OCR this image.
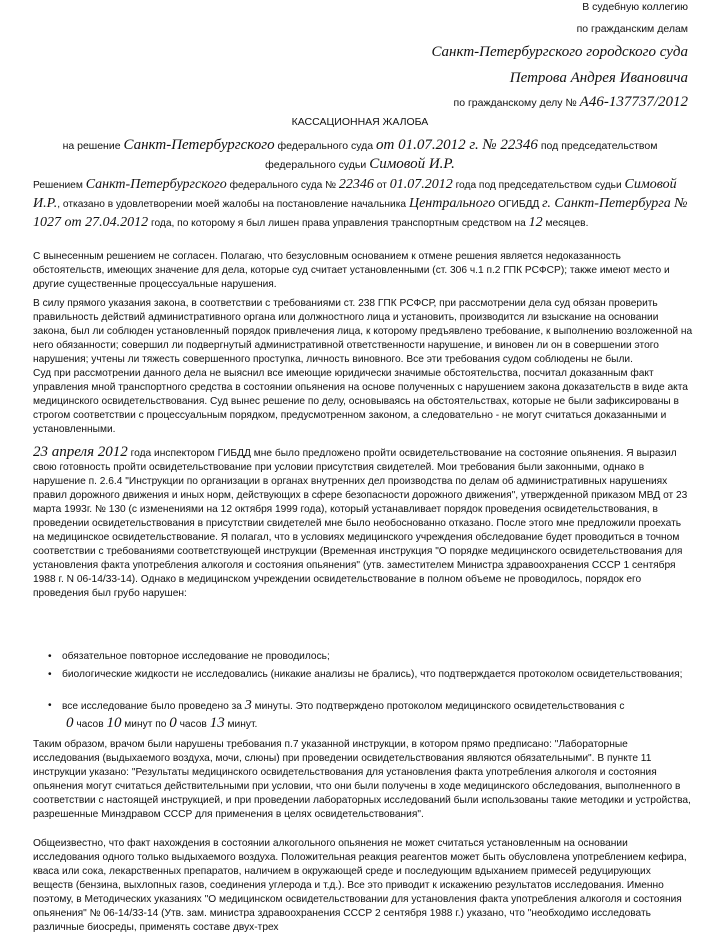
В судебную коллегию
по гражданским делам
Санкт-Петербургского городского суда
Петрова Андрея Ивановича
по гражданскому делу № А46-137737/2012
КАССАЦИОННАЯ ЖАЛОБА
на решение Санкт-Петербургского федерального суда от 01.07.2012 г. № 22346 под председательством
федерального судьи Симовой И.Р.
Решением Санкт-Петербургского федерального суда № 22346 от 01.07.2012 года под председательством судьи Симовой И.Р., отказано в удовлетворении моей жалобы на постановление начальника Центрального ОГИБДД г. Санкт-Петербурга № 1027 от 27.04.2012 года, по которому я был лишен права управления транспортным средством на 12 месяцев.
С вынесенным решением не согласен. Полагаю, что безусловным основанием к отмене решения является недоказанность обстоятельств, имеющих значение для дела, которые суд считает установленными (ст. 306 ч.1 п.2 ГПК РСФСР); также имеют место и другие существенные процессуальные нарушения.
В силу прямого указания закона, в соответствии с требованиями ст. 238 ГПК РСФСР, при рассмотрении дела суд обязан проверить правильность действий административного органа или должностного лица и установить, производится ли взыскание на основании закона, был ли соблюден установленный порядок привлечения лица, к которому предъявлено требование, к выполнению возложенной на него обязанности; совершил ли подвергнутый административной ответственности нарушение, и виновен ли он в совершении этого нарушения; учтены ли тяжесть совершенного проступка, личность виновного. Все эти требования судом соблюдены не были.
Суд при рассмотрении данного дела не выяснил все имеющие юридически значимые обстоятельства, посчитал доказанным факт управления мной транспортного средства в состоянии опьянения на основе полученных с нарушением закона доказательств в виде акта медицинского освидетельствования. Суд вынес решение по делу, основываясь на обстоятельствах, которые не были зафиксированы в строгом соответствии с процессуальным порядком, предусмотренном законом, а следовательно - не могут считаться доказанными и установленными.
23 апреля 2012 года инспектором ГИБДД мне было предложено пройти освидетельствование на состояние опьянения. Я выразил свою готовность пройти освидетельствование при условии присутствия свидетелей. Мои требования были законными, однако в нарушение п. 2.6.4 "Инструкции по организации в органах внутренних дел производства по делам об административных нарушениях правил дорожного движения и иных норм, действующих в сфере безопасности дорожного движения", утвержденной приказом МВД от 23 марта 1993г. № 130 (с изменениями на 12 октября 1999 года), который устанавливает порядок проведения освидетельствования, в проведении освидетельствования в присутствии свидетелей мне было необоснованно отказано. После этого мне предложили проехать на медицинское освидетельствование. Я полагал, что в условиях медицинского учреждения обследование будет проводиться в точном соответствии с требованиями соответствующей инструкции (Временная инструкция "О порядке медицинского освидетельствования для установления факта употребления алкоголя и состояния опьянения" (утв. заместителем Министра здравоохранения СССР 1 сентября 1988 г. N 06-14/33-14). Однако в медицинском учреждении освидетельствование в полном объеме не проводилось, порядок его проведения был грубо нарушен:
• обязательное повторное исследование не проводилось;
• биологические жидкости не исследовались (никакие анализы не брались), что подтверждается протоколом освидетельствования;
• все исследование было проведено за 3 минуты. Это подтверждено протоколом медицинского освидетельствования с
0 часов 10 минут по 0 часов 13 минут.
Таким образом, врачом были нарушены требования п.7 указанной инструкции, в котором прямо предписано: "Лабораторные исследования (выдыхаемого воздуха, мочи, слюны) при проведении освидетельствования являются обязательными". В пункте 11 инструкции указано: "Результаты медицинского освидетельствования для установления факта употребления алкоголя и состояния опьянения могут считаться действительными при условии, что они были получены в ходе медицинского обследования, выполненного в соответствии с настоящей инструкцией, и при проведении лабораторных исследований были использованы такие методики и устройства, разрешенные Минздравом СССР для применения в целях освидетельствования".
Общеизвестно, что факт нахождения в состоянии алкогольного опьянения не может считаться установленным на основании исследования одного только выдыхаемого воздуха. Положительная реакция реагентов может быть обусловлена употреблением кефира, кваса или сока, лекарственных препаратов, наличием в окружающей среде и последующим вдыханием примесей редуцирующих веществ (бензина, выхлопных газов, соединения углерода и т.д.). Все это приводит к искажению результатов исследования. Именно поэтому, в Методических указаниях "О медицинском освидетельствовании для установления факта употребления алкоголя и состояния опьянения" № 06-14/33-14 (Утв. зам. министра здравоохранения СССР 2 сентября 1988 г.) указано, что "необходимо исследовать различные биосреды, применять составе двух-трех
